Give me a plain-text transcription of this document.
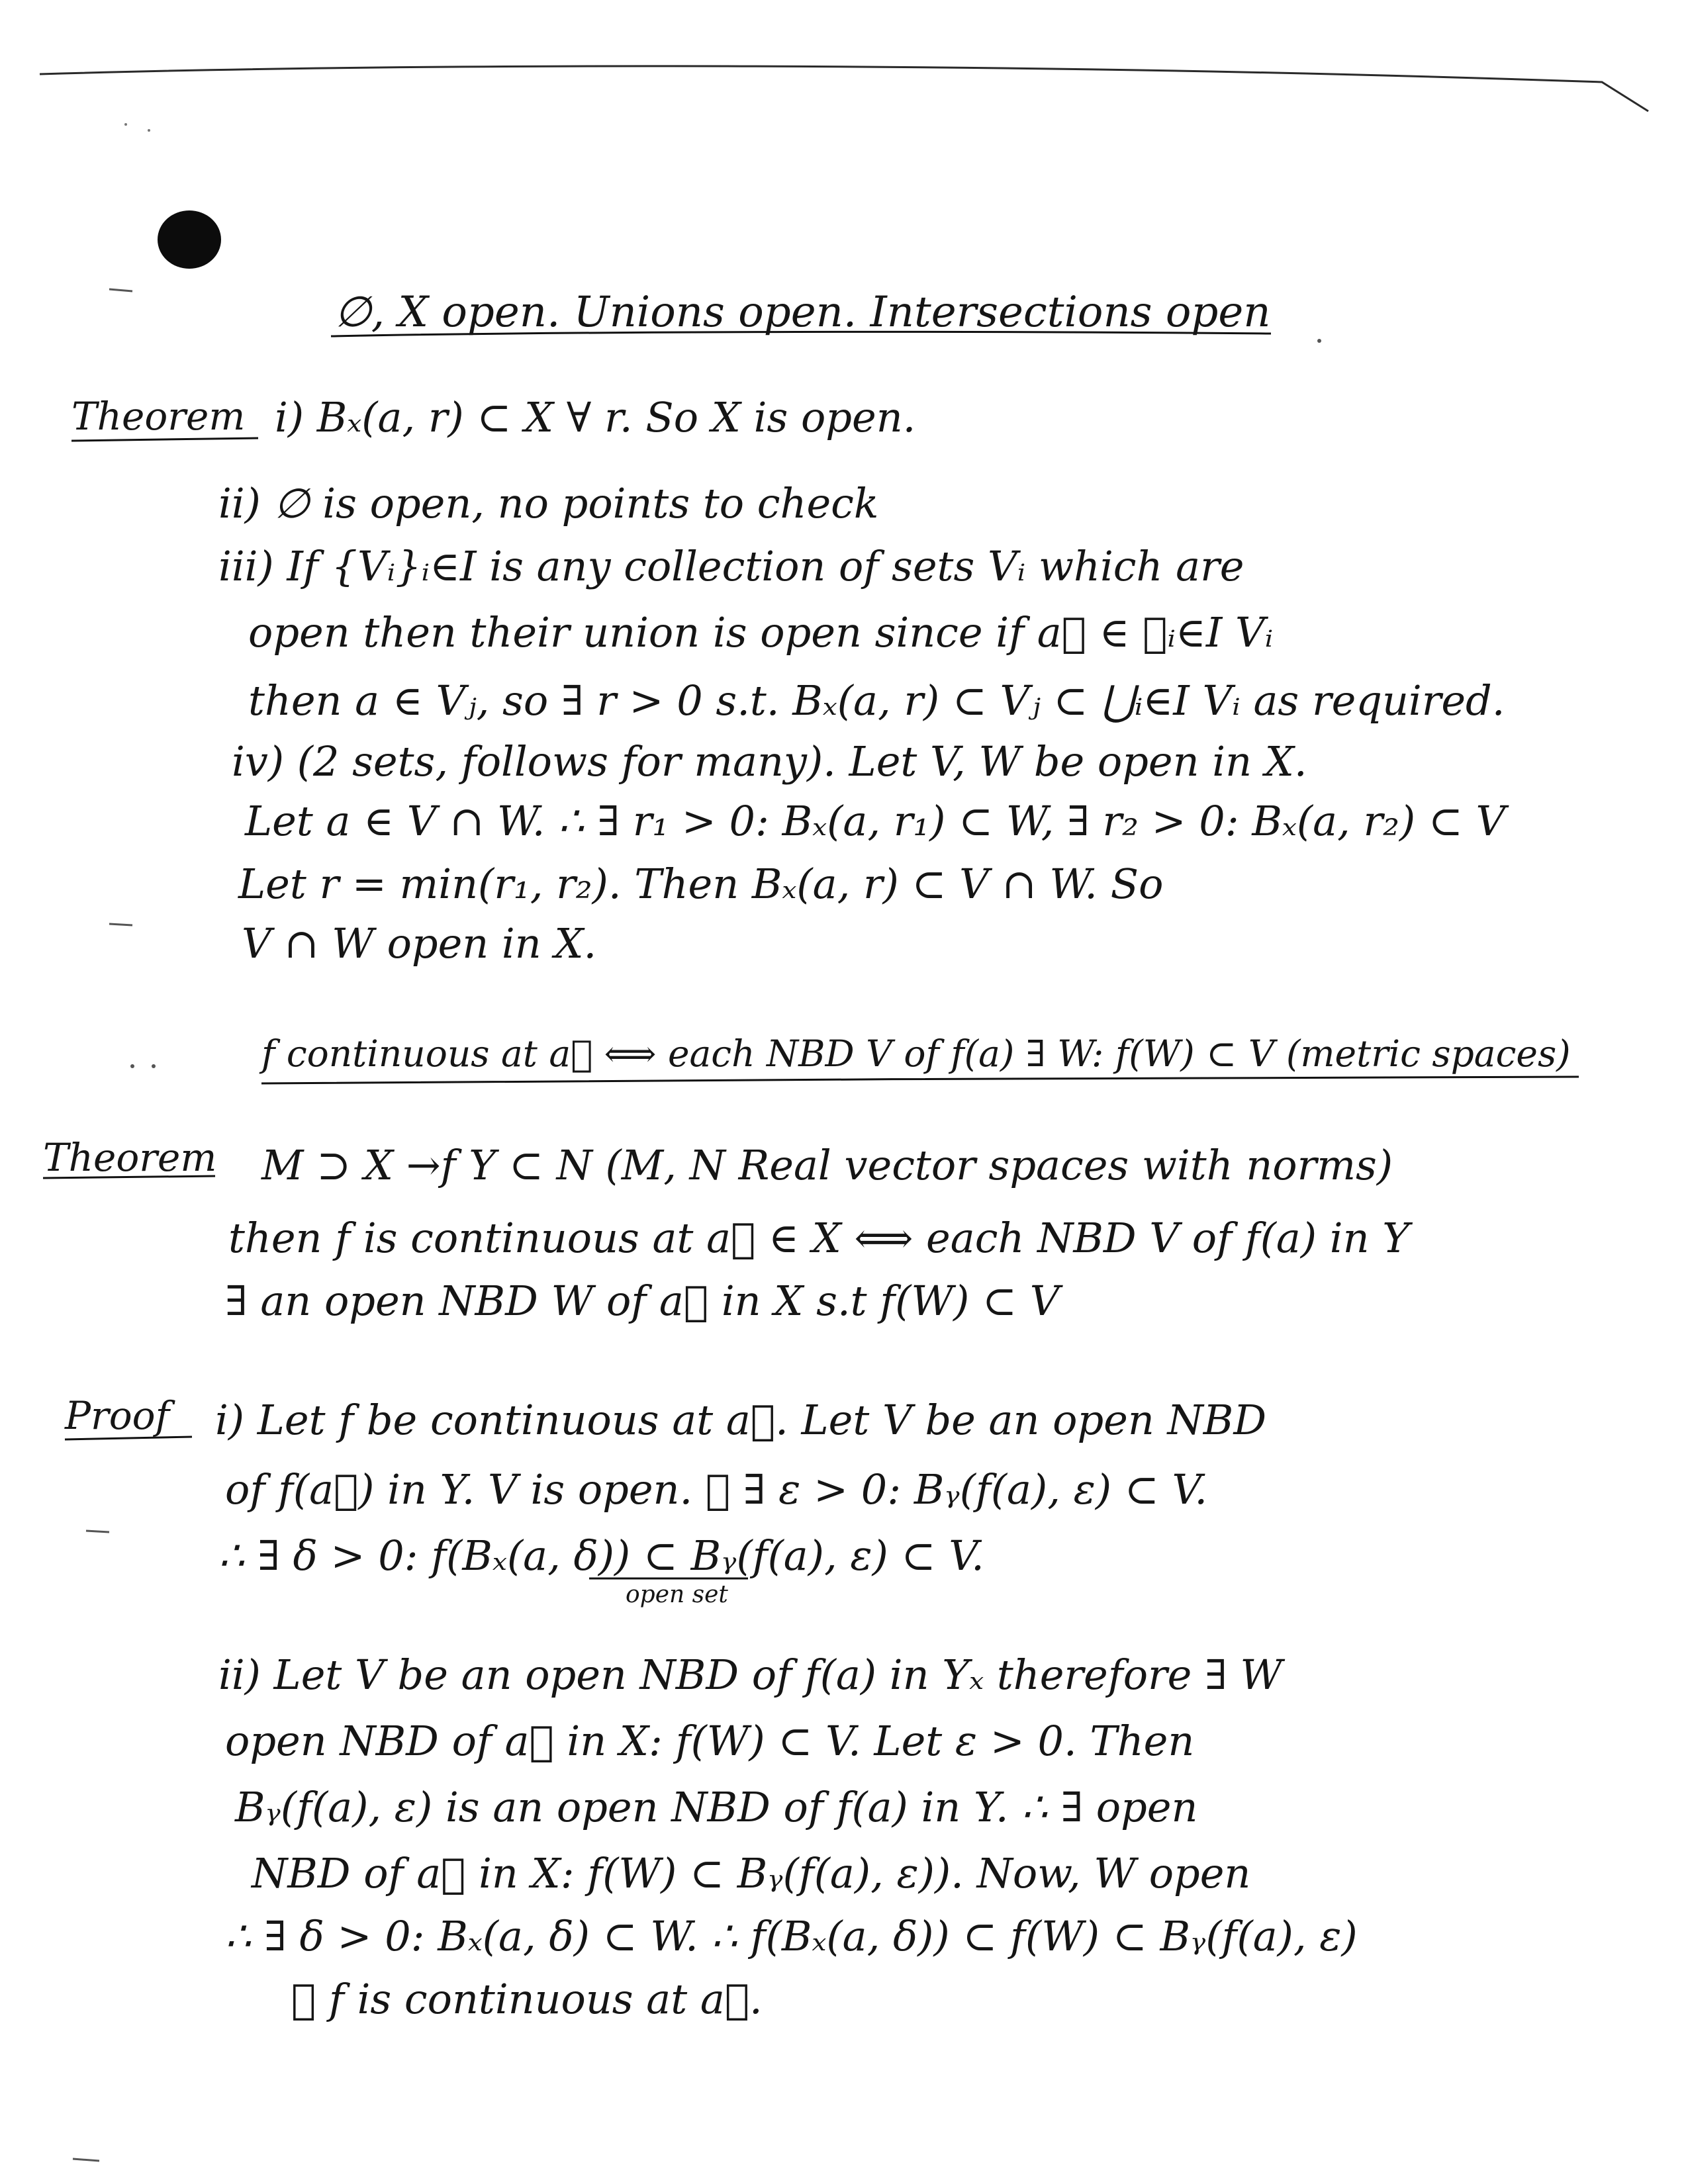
∅, X open. Unions open. Intersections open
Theorem i) Bₓ(a, r) ⊂ X ∀ r. So X is open.
ii) ∅ is open, no points to check
iii) If {Vᵢ}ᵢ∈I is any collection of sets Vᵢ which are
open then their union is open since if a⃗ ∈ ⋃ᵢ∈I Vᵢ
then a ∈ Vⱼ, so ∃ r > 0 s.t. Bₓ(a, r) ⊂ Vⱼ ⊂ ⋃ᵢ∈I Vᵢ as required.
iv) (2 sets, follows for many). Let V, W be open in X.
Let a ∈ V ∩ W. ∴ ∃ r₁ > 0: Bₓ(a, r₁) ⊂ W, ∃ r₂ > 0: Bₓ(a, r₂) ⊂ V
Let r = min(r₁, r₂). Then Bₓ(a, r) ⊂ V ∩ W. So
V ∩ W open in X.
f continuous at a⃗ ⟺ each NBD V of f(a) ∃ W: f(W) ⊂ V (metric spaces)
Theorem M ⊃ X →f Y ⊂ N (M, N Real vector spaces with norms)
then f is continuous at a⃗ ∈ X ⟺ each NBD V of f(a) in Y
∃ an open NBD W of a⃗ in X s.t f(W) ⊂ V
Proof i) Let f be continuous at a⃗. Let V be an open NBD
of f(a⃗) in Y. V is open. ∴ ∃ ε > 0: Bᵧ(f(a), ε) ⊂ V.
∴ ∃ δ > 0: f(Bₓ(a, δ)) ⊂ Bᵧ(f(a), ε) ⊂ V.
open set
ii) Let V be an open NBD of f(a) in Yₓ therefore ∃ W
open NBD of a⃗ in X: f(W) ⊂ V. Let ε > 0. Then
Bᵧ(f(a), ε) is an open NBD of f(a) in Y. ∴ ∃ open
NBD of a⃗ in X: f(W) ⊂ Bᵧ(f(a), ε)). Now, W open
∴ ∃ δ > 0: Bₓ(a, δ) ⊂ W. ∴ f(Bₓ(a, δ)) ⊂ f(W) ⊂ Bᵧ(f(a), ε)
∴ f is continuous at a⃗.
